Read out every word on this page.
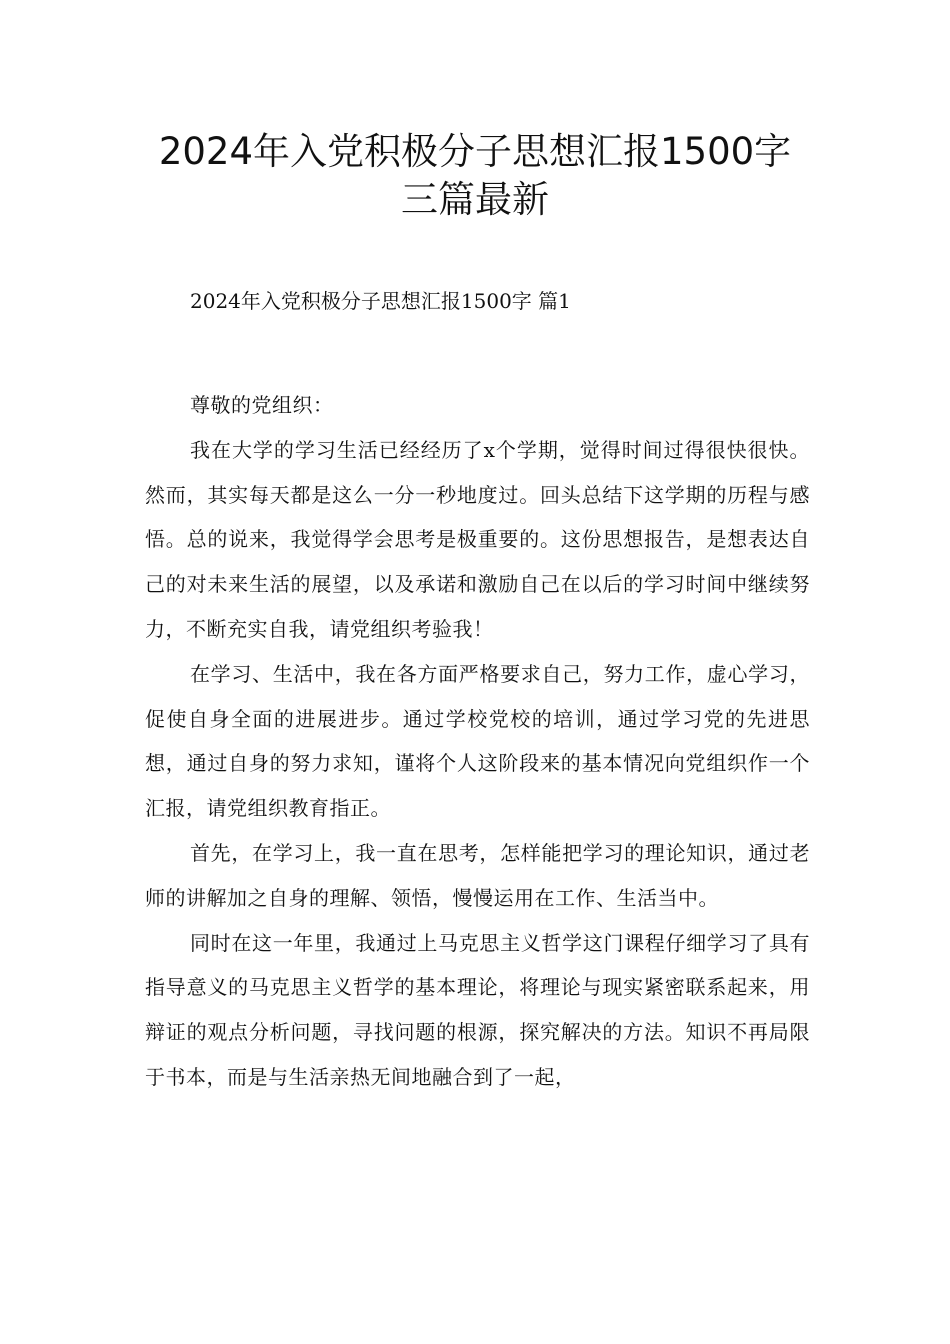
2024年入党积极分子思想汇报1500字
三篇最新

2024年入党积极分子思想汇报1500字 篇1

尊敬的党组织：

我在大学的学习生活已经经历了x个学期，觉得时间过得很快很快。然而，其实每天都是这么一分一秒地度过。回头总结下这学期的历程与感悟。总的说来，我觉得学会思考是极重要的。这份思想报告，是想表达自己的对未来生活的展望，以及承诺和激励自己在以后的学习时间中继续努力，不断充实自我，请党组织考验我！

在学习、生活中，我在各方面严格要求自己，努力工作，虚心学习，促使自身全面的进展进步。通过学校党校的培训，通过学习党的先进思想，通过自身的努力求知，谨将个人这阶段来的基本情况向党组织作一个汇报，请党组织教育指正。

首先，在学习上，我一直在思考，怎样能把学习的理论知识，通过老师的讲解加之自身的理解、领悟，慢慢运用在工作、生活当中。

同时在这一年里，我通过上马克思主义哲学这门课程仔细学习了具有指导意义的马克思主义哲学的基本理论，将理论与现实紧密联系起来，用辩证的观点分析问题，寻找问题的根源，探究解决的方法。知识不再局限于书本，而是与生活亲热无间地融合到了一起，
